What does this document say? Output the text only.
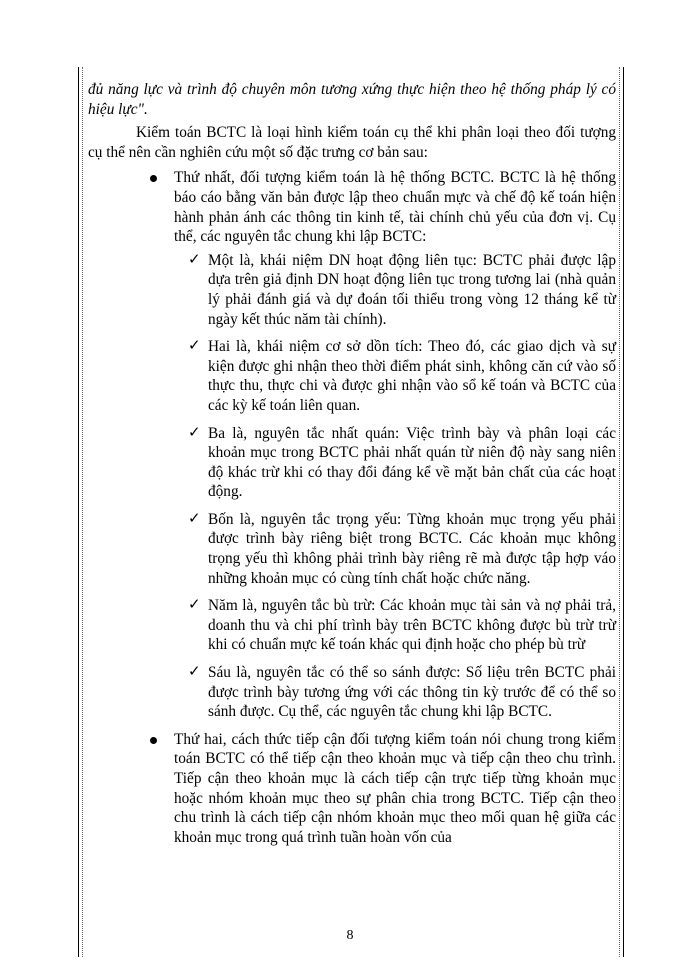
đủ năng lực và trình độ chuyên môn tương xứng thực hiện theo hệ thống pháp lý có hiệu lực".

Kiểm toán BCTC là loại hình kiểm toán cụ thể khi phân loại theo đối tượng cụ thể nên cần nghiên cứu một số đặc trưng cơ bản sau:

Thứ nhất, đối tượng kiểm toán là hệ thống BCTC. BCTC là hệ thống báo cáo bằng văn bản được lập theo chuẩn mực và chế độ kế toán hiện hành phản ánh các thông tin kinh tế, tài chính chủ yếu của đơn vị. Cụ thể, các nguyên tắc chung khi lập BCTC:
✓ Một là, khái niệm DN hoạt động liên tục: BCTC phải được lập dựa trên giả định DN hoạt động liên tục trong tương lai (nhà quản lý phải đánh giá và dự đoán tối thiểu trong vòng 12 tháng kể từ ngày kết thúc năm tài chính).
✓ Hai là, khái niệm cơ sở dồn tích: Theo đó, các giao dịch và sự kiện được ghi nhận theo thời điểm phát sinh, không căn cứ vào số thực thu, thực chi và được ghi nhận vào sổ kế toán và BCTC của các kỳ kế toán liên quan.
✓ Ba là, nguyên tắc nhất quán: Việc trình bày và phân loại các khoản mục trong BCTC phải nhất quán từ niên độ này sang niên độ khác trừ khi có thay đổi đáng kể về mặt bản chất của các hoạt động.
✓ Bốn là, nguyên tắc trọng yếu: Từng khoản mục trọng yếu phải được trình bày riêng biệt trong BCTC. Các khoản mục không trọng yếu thì không phải trình bày riêng rẽ mà được tập hợp váo những khoản mục có cùng tính chất hoặc chức năng.
✓ Năm là, nguyên tắc bù trừ: Các khoản mục tài sản và nợ phải trả, doanh thu và chi phí trình bày trên BCTC không được bù trừ trừ khi có chuẩn mực kế toán khác qui định hoặc cho phép bù trừ
✓ Sáu là, nguyên tắc có thể so sánh được: Số liệu trên BCTC phải được trình bày tương ứng với các thông tin kỳ trước để có thể so sánh được. Cụ thể, các nguyên tắc chung khi lập BCTC.
Thứ hai, cách thức tiếp cận đối tượng kiểm toán nói chung trong kiểm toán BCTC có thể tiếp cận theo khoản mục và tiếp cận theo chu trình. Tiếp cận theo khoản mục là cách tiếp cận trực tiếp từng khoản mục hoặc nhóm khoản mục theo sự phân chia trong BCTC. Tiếp cận theo chu trình là cách tiếp cận nhóm khoản mục theo mối quan hệ giữa các khoản mục trong quá trình tuần hoàn vốn của
8
